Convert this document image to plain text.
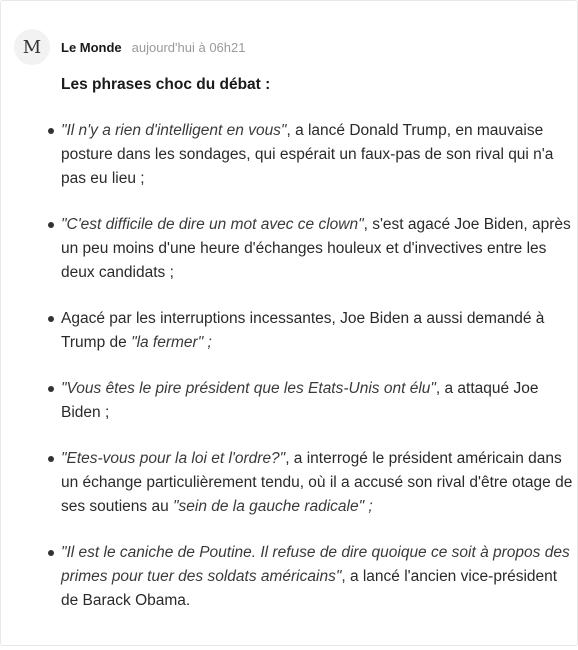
M Le Monde aujourd'hui à 06h21
Les phrases choc du débat :
"Il n'y a rien d'intelligent en vous", a lancé Donald Trump, en mauvaise posture dans les sondages, qui espérait un faux-pas de son rival qui n'a pas eu lieu ;
"C'est difficile de dire un mot avec ce clown", s'est agacé Joe Biden, après un peu moins d'une heure d'échanges houleux et d'invectives entre les deux candidats ;
Agacé par les interruptions incessantes, Joe Biden a aussi demandé à Trump de "la fermer" ;
"Vous êtes le pire président que les Etats-Unis ont élu", a attaqué Joe Biden ;
"Etes-vous pour la loi et l'ordre?", a interrogé le président américain dans un échange particulièrement tendu, où il a accusé son rival d'être otage de ses soutiens au "sein de la gauche radicale" ;
"Il est le caniche de Poutine. Il refuse de dire quoique ce soit à propos des primes pour tuer des soldats américains", a lancé l'ancien vice-président de Barack Obama.
